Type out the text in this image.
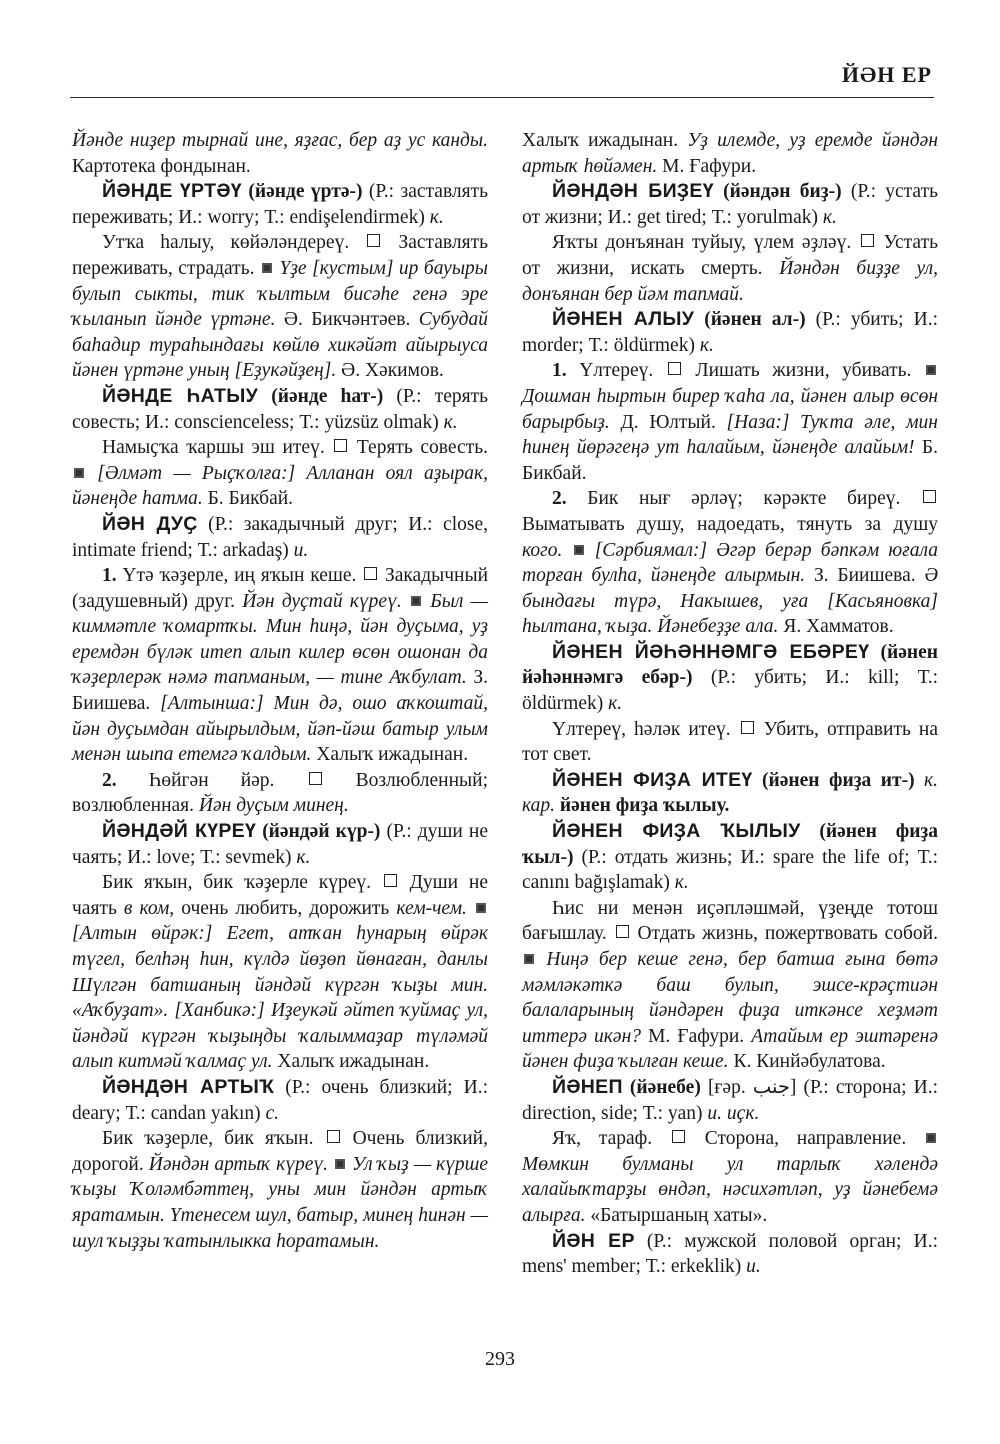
ЙӘН ЕР

Йәнде ниҙер тырнай ине, яҙғас, бер аҙ ус канды. Картотека фондынан.

ЙӘНДЕ ҮРТӘҮ (йәнде үртә-) (Р.: заставлять переживать; И.: worry; Т.: endişelendirmek) к.

Утҡа һалыу, көйәләндереү.  Заставлять переживать, страдать.  Үҙе [кустым] ир бауыры булып сыкты, тик ҡылтым бисәһе генә эре ҡыланып йәнде үртәне. Ә. Бикчәнтәев. Субудай баһадир тураһындағы көйлө хикәйәт айырыуса йәнен үртәне уның [Еҙукәйҙең]. Ә. Хәкимов.

ЙӘНДЕ ҺАТЫУ (йәнде һат-) (Р.: терять совесть; И.: conscienceless; Т.: yüzsüz olmak) к.

Намыҫҡа ҡаршы эш итеү.  Терять совесть.  [Әлмәт — Рыҫҡолға:] Алланан оял аҙырак, йәнеңде һатма. Б. Бикбай.

ЙӘН ДУҪ (Р.: закадычный друг; И.: close, intimate friend; Т.: arkadaş) и.

1. Үтә ҡәҙерле, иң яҡын кеше.  Закадычный (задушевный) друг. Йән дуҫтай күреү. Был — киммәтле ҡомартҡы. Мин һиңә, йән дуҫыма, уҙ еремдән бүләк итеп алып килер өсөн ошонан да ҡәҙерлерәк нәмә тапманым, — тине Аҡбулат. З. Биишева. [Алтынша:] Мин дә, ошо аҡкоштай, йән дуҫымдан айырылдым, йәп-йәш батыр улым менән шыпа етемгә ҡалдым. Халыҡ ижадынан.

2. Һөйгән йәр.  Возлюбленный; возлюбленная. Йән дуҫым минең.

ЙӘНДӘЙ КҮРЕҮ (йәндәй күр-) (Р.: души не чаять; И.: love; Т.: sevmek) к.

Бик яҡын, бик ҡәҙерле күреү.  Души не чаять в ком, очень любить, дорожить кем-чем.  [Алтын өйрәк:] Егет, атҡан һунарың өйрәк түгел, белһәң һин, күлдә йөҙөп йөнаған, данлы Шүлгән батшаның йәндәй күргән ҡыҙы мин. «Аҡбуҙат». [Ханбикә:] Иҙеукәй әйтеп ҡуймаҫ ул, йәндәй күргән ҡыҙыңды ҡалыммаҙар түләмәй алып китмәй ҡалмаҫ ул. Халыҡ ижадынан.

ЙӘНДӘН АРТЫҠ (Р.: очень близкий; И.: deary; Т.: candan yakın) с.

Бик ҡәҙерле, бик яҡын.  Очень близкий, дорогой. Йәндән артыҡ күреү. Ул ҡыҙ — күрше ҡыҙы Ҡоләмбәттең, уны мин йәндән артыҡ яратамын. Үтенесем шул, батыр, минең һинән — шул ҡыҙҙы ҡатынлыкка һоратамын.

Халыҡ ижадынан. Уҙ илемде, уҙ еремде йәндән артыҡ һөйәмен. М. Ғафури.

ЙӘНДӘН БИҘЕҮ (йәндән биҙ-) (Р.: устать от жизни; И.: get tired; Т.: yorulmak) к.

Яҡты донъянан туйыу, үлем әҙләү.  Устать от жизни, искать смерть. Йәндән биҙҙе ул, донъянан бер йәм тапмай.

ЙӘНЕН АЛЫУ (йәнен ал-) (Р.: убить; И.: morder; Т.: öldürmek) к.

1. Үлтереү.  Лишать жизни, убивать.  Дошман һыртын бирер ҡаһа ла, йәнен алыр өсөн барырбыҙ. Д. Юлтый. [Наза:] Туҡта әле, мин һинең йөрәгеңә ут һалайым, йәнеңде алайым! Б. Бикбай.

2. Бик нығ әрләү; кәрәкте биреү.  Выматывать душу, надоедать, тянуть за душу кого. [Сәрбиямал:] Әгәр берәр бәпкәм юғала торған булһа, йәнеңде алырмын. З. Биишева. Ә бындағы түрә, Накышев, уға [Касьяновка] һылтана, ҡыҙа. Йәнебеҙҙе ала. Я. Хамматов.

ЙӘНЕН ЙӘҺӘННӘМГӘ ЕБӘРЕҮ (йәнен йәһәннәмгә ебәр-) (Р.: убить; И.: kill; Т.: öldürmek) к.

Үлтереү, һәләк итеү.  Убить, отправить на тот свет.

ЙӘНЕН ФИҘА ИТЕҮ (йәнен фиҙа ит-) к. кар. йәнен фиҙа ҡылыу.

ЙӘНЕН ФИҘА ҠЫЛЫУ (йәнен фиҙа ҡыл-) (Р.: отдать жизнь; И.: spare the life of; Т.: canını bağışlamak) к.

Һис ни менән иҫәпләшмәй, үҙеңде тотош бағышлау.  Отдать жизнь, пожертвовать собой.  Ниңә бер кеше генә, бер батша ғына бөтә мәмләкәткә баш булып, эшсе-крәҫтиән балаларының йәндәрен фиҙа иткәнсе хеҙмәт иттерә икән? М. Ғафури. Атайым ер эштәренә йәнен фиҙа ҡылған кеше. К. Кинйәбулатова.

ЙӘНЕП (йәнебе) [ғәр. جنب] (Р.: сторона; И.: direction, side; Т.: yan) и. иҫк.

Яҡ, тараф.  Сторона, направление.  Мөмкин булманы ул тарлыҡ хәлендә халайыҡтарҙы өндәп, нәсихәтләп, уҙ йәнебемә алырға. «Батыршаның хаты».

ЙӘН ЕР (Р.: мужской половой орган; И.: mens' member; Т.: erkeklik) и.

293
